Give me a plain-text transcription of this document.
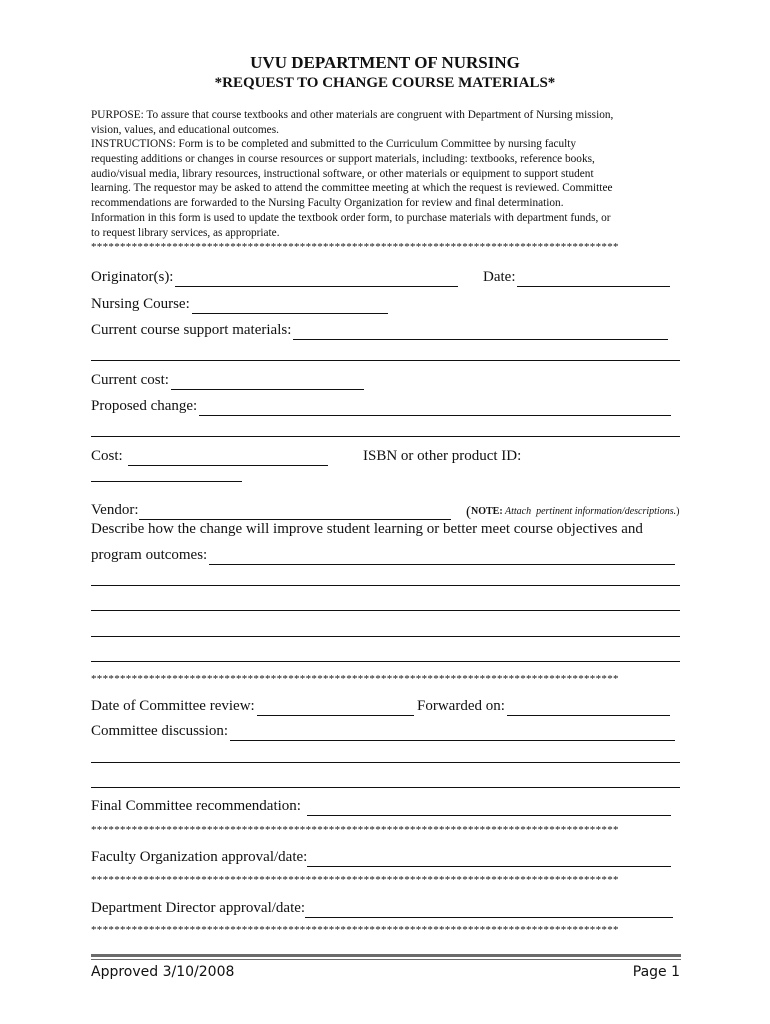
UVU DEPARTMENT OF NURSING
*REQUEST TO CHANGE COURSE MATERIALS*
PURPOSE: To assure that course textbooks and other materials are congruent with Department of Nursing mission,
vision, values, and educational outcomes.
INSTRUCTIONS: Form is to be completed and submitted to the Curriculum Committee by nursing faculty
requesting additions or changes in course resources or support materials, including: textbooks, reference books,
audio/visual media, library resources, instructional software, or other materials or equipment to support student
learning. The requestor may be asked to attend the committee meeting at which the request is reviewed. Committee
recommendations are forwarded to the Nursing Faculty Organization for review and final determination.
Information in this form is used to update the textbook order form, to purchase materials with department funds, or
to request library services, as appropriate.
*******************************************************************************************
Originator(s):	Date:
Nursing Course:
Current course support materials:
Current cost:
Proposed change:
Cost:	ISBN or other product ID:
Vendor:	( NOTE: Attach  pertinent information/descriptions. )
Describe how the change will improve student learning or better meet course objectives and
program outcomes:
*******************************************************************************************
Date of Committee review:	Forwarded on:
Committee discussion:
Final Committee recommendation:
*******************************************************************************************
Faculty Organization approval/date:
*******************************************************************************************
Department Director approval/date:
*******************************************************************************************
Approved 3/10/2008	Page 1
